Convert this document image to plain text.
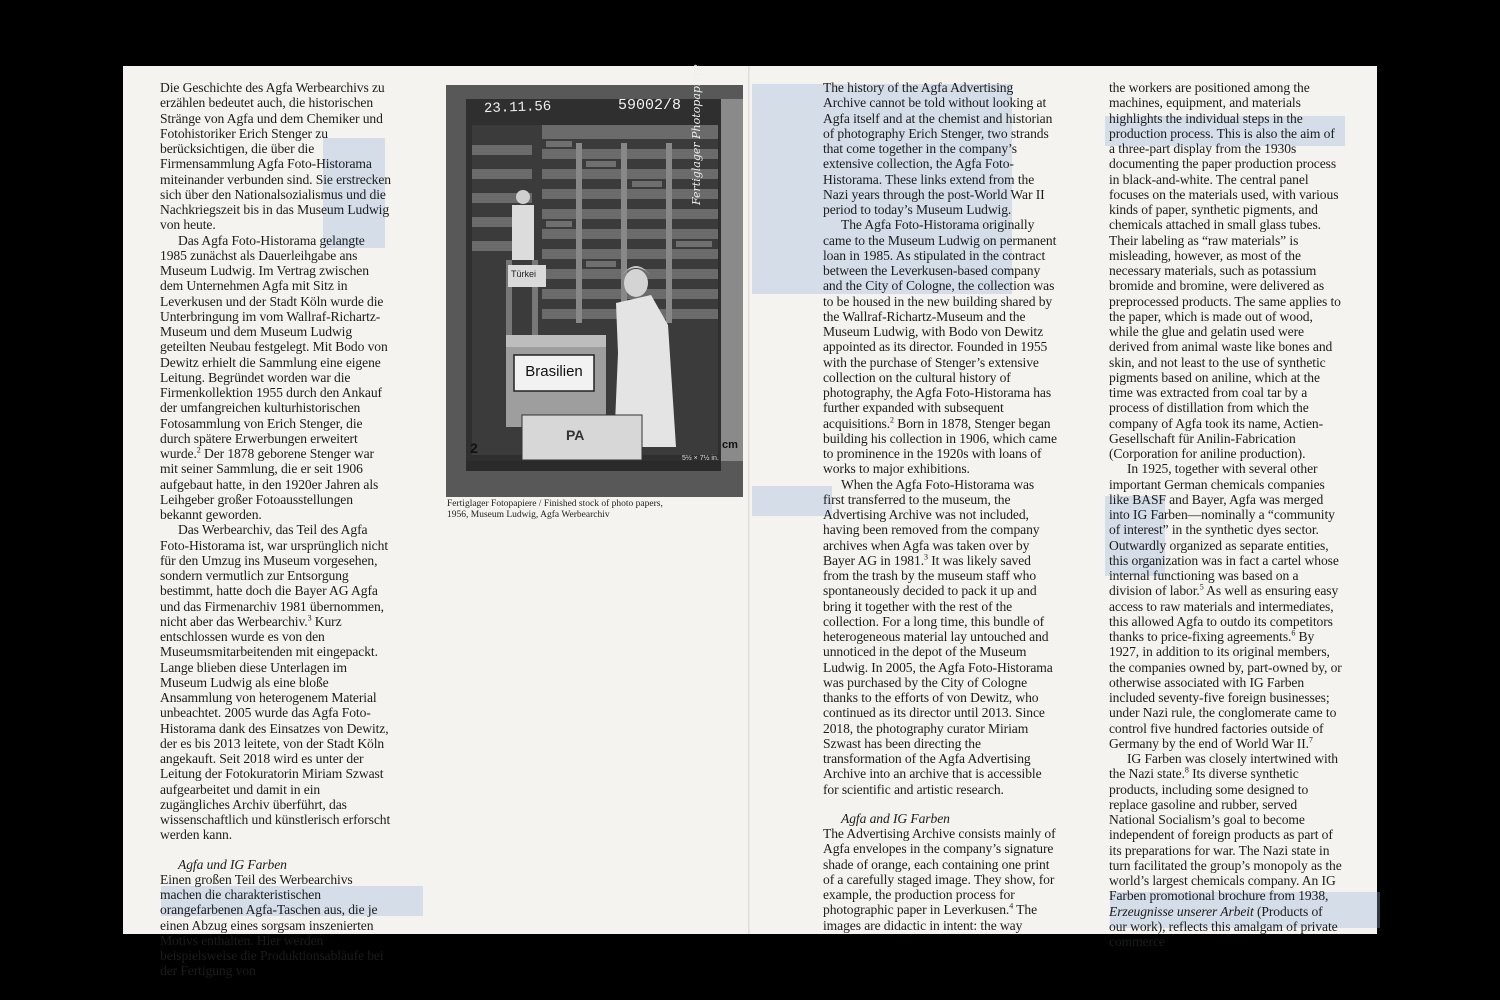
Die Geschichte des Agfa Werbearchivs zu erzählen bedeutet auch, die historischen Stränge von Agfa und dem Chemiker und Fotohistoriker Erich Stenger zu berücksichtigen, die über die Firmensammlung Agfa Foto-Historama miteinander verbunden sind. Sie erstrecken sich über den Nationalsozialismus und die Nachkriegszeit bis in das Museum Ludwig von heute.

Das Agfa Foto-Historama gelangte 1985 zunächst als Dauerleihgabe ans Museum Ludwig. Im Vertrag zwischen dem Unternehmen Agfa mit Sitz in Leverkusen und der Stadt Köln wurde die Unterbringung im vom Wallraf-Richartz-Museum und dem Museum Ludwig geteilten Neubau festgelegt. Mit Bodo von Dewitz erhielt die Sammlung eine eigene Leitung. Begründet worden war die Firmenkollektion 1955 durch den Ankauf der umfangreichen kulturhistorischen Fotosammlung von Erich Stenger, die durch spätere Erwerbungen erweitert wurde.$^2$ Der 1878 geborene Stenger war mit seiner Sammlung, die er seit 1906 aufgebaut hatte, in den 1920er Jahren als Leihgeber großer Fotoausstellungen bekannt geworden.

Das Werbearchiv, das Teil des Agfa Foto-Historama ist, war ursprünglich nicht für den Umzug ins Museum vorgesehen, sondern vermutlich zur Entsorgung bestimmt, hatte doch die Bayer AG Agfa und das Firmenarchiv 1981 übernommen, nicht aber das Werbearchiv.$^3$ Kurz entschlossen wurde es von den Museumsmitarbeitenden mit eingepackt. Lange blieben diese Unterlagen im Museum Ludwig als eine bloße Ansammlung von heterogenem Material unbeachtet. 2005 wurde das Agfa Foto-Historama dank des Einsatzes von Dewitz, der es bis 2013 leitete, von der Stadt Köln angekauft. Seit 2018 wird es unter der Leitung der Fotokuratorin Miriam Szwast aufgearbeitet und damit in ein zugängliches Archiv überführt, das wissenschaftlich und künstlerisch erforscht werden kann.

Agfa und IG Farben

Einen großen Teil des Werbearchivs machen die charakteristischen orangefarbenen Agfa-Taschen aus, die je einen Abzug eines sorgsam inszenierten Motivs enthalten. Hier werden beispielsweise die Produktionsabläufe bei der Fertigung von

23.11.56	59002/8 Fertiglager Photopapiere
Brasilien
Türkei
PA
2	cm
5½ × 7½ in.
Fertiglager Fotopapiere / Finished stock of photo papers,
1956, Museum Ludwig, Agfa Werbearchiv

The history of the Agfa Advertising Archive cannot be told without looking at Agfa itself and at the chemist and historian of photography Erich Stenger, two strands that come together in the company’s extensive collection, the Agfa Foto-Historama. These links extend from the Nazi years through the post-World War II period to today’s Museum Ludwig.

The Agfa Foto-Historama originally came to the Museum Ludwig on permanent loan in 1985. As stipulated in the contract between the Leverkusen-based company and the City of Cologne, the collection was to be housed in the new building shared by the Wallraf-Richartz-Museum and the Museum Ludwig, with Bodo von Dewitz appointed as its director. Founded in 1955 with the purchase of Stenger’s extensive collection on the cultural history of photography, the Agfa Foto-Historama has further expanded with subsequent acquisitions.$^2$ Born in 1878, Stenger began building his collection in 1906, which came to prominence in the 1920s with loans of works to major exhibitions.

When the Agfa Foto-Historama was first transferred to the museum, the Advertising Archive was not included, having been removed from the company archives when Agfa was taken over by Bayer AG in 1981.$^3$ It was likely saved from the trash by the museum staff who spontaneously decided to pack it up and bring it together with the rest of the collection. For a long time, this bundle of heterogeneous material lay untouched and unnoticed in the depot of the Museum Ludwig. In 2005, the Agfa Foto-Historama was purchased by the City of Cologne thanks to the efforts of von Dewitz, who continued as its director until 2013. Since 2018, the photography curator Miriam Szwast has been directing the transformation of the Agfa Advertising Archive into an archive that is accessible for scientific and artistic research.

Agfa and IG Farben

The Advertising Archive consists mainly of Agfa envelopes in the company’s signature shade of orange, each containing one print of a carefully staged image. They show, for example, the production process for photographic paper in Leverkusen.$^4$ The images are didactic in intent: the way

the workers are positioned among the machines, equipment, and materials highlights the individual steps in the production process. This is also the aim of a three-part display from the 1930s documenting the paper production process in black-and-white. The central panel focuses on the materials used, with various kinds of paper, synthetic pigments, and chemicals attached in small glass tubes. Their labeling as “raw materials” is misleading, however, as most of the necessary materials, such as potassium bromide and bromine, were delivered as preprocessed products. The same applies to the paper, which is made out of wood, while the glue and gelatin used were derived from animal waste like bones and skin, and not least to the use of synthetic pigments based on aniline, which at the time was extracted from coal tar by a process of distillation from which the company of Agfa took its name, Actien-Gesellschaft für Anilin-Fabrication (Corporation for aniline production).

In 1925, together with several other important German chemicals companies like BASF and Bayer, Agfa was merged into IG Farben—nominally a “community of interest” in the synthetic dyes sector. Outwardly organized as separate entities, this organization was in fact a cartel whose internal functioning was based on a division of labor.$^5$ As well as ensuring easy access to raw materials and intermediates, this allowed Agfa to outdo its competitors thanks to price-fixing agreements.$^6$ By 1927, in addition to its original members, the companies owned by, part-owned by, or otherwise associated with IG Farben included seventy-five foreign businesses; under Nazi rule, the conglomerate came to control five hundred factories outside of Germany by the end of World War II.$^7$

IG Farben was closely intertwined with the Nazi state.$^8$ Its diverse synthetic products, including some designed to replace gasoline and rubber, served National Socialism’s goal to become independent of foreign products as part of its preparations for war. The Nazi state in turn facilitated the group’s monopoly as the world’s largest chemicals company. An IG Farben promotional brochure from 1938, Erzeugnisse unserer Arbeit (Products of our work), reflects this amalgam of private commerce
